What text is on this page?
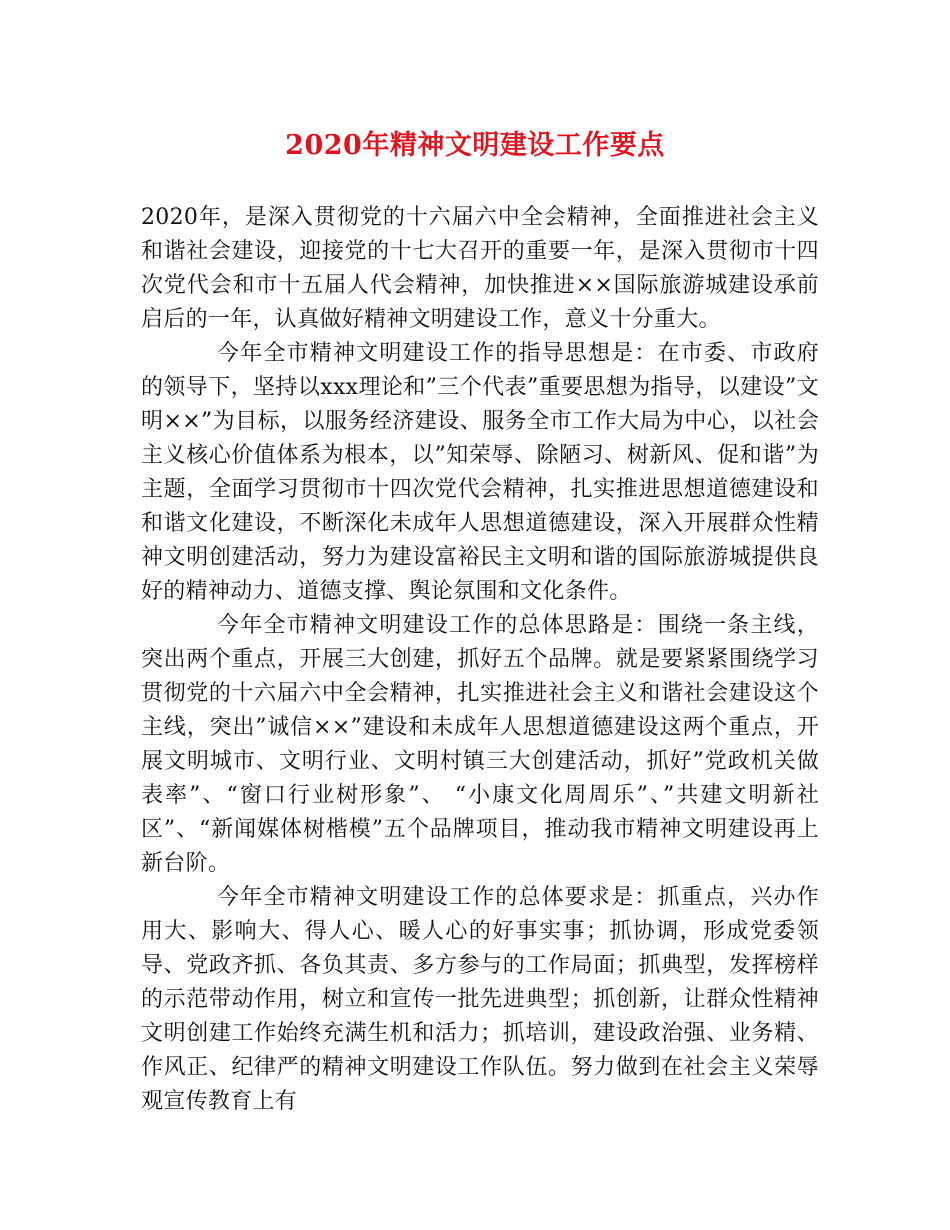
2020年精神文明建设工作要点

2020年，是深入贯彻党的十六届六中全会精神，全面推进社会主义和谐社会建设，迎接党的十七大召开的重要一年，是深入贯彻市十四次党代会和市十五届人代会精神，加快推进××国际旅游城建设承前启后的一年，认真做好精神文明建设工作，意义十分重大。

今年全市精神文明建设工作的指导思想是：在市委、市政府的领导下，坚持以xxx理论和”三个代表”重要思想为指导，以建设”文明××”为目标，以服务经济建设、服务全市工作大局为中心，以社会主义核心价值体系为根本，以”知荣辱、除陋习、树新风、促和谐”为主题，全面学习贯彻市十四次党代会精神，扎实推进思想道德建设和和谐文化建设，不断深化未成年人思想道德建设，深入开展群众性精神文明创建活动，努力为建设富裕民主文明和谐的国际旅游城提供良好的精神动力、道德支撑、舆论氛围和文化条件。

今年全市精神文明建设工作的总体思路是：围绕一条主线，突出两个重点，开展三大创建，抓好五个品牌。就是要紧紧围绕学习贯彻党的十六届六中全会精神，扎实推进社会主义和谐社会建设这个主线，突出”诚信××”建设和未成年人思想道德建设这两个重点，开展文明城市、文明行业、文明村镇三大创建活动，抓好”党政机关做表率”、“窗口行业树形象”、 “小康文化周周乐”、”共建文明新社区”、“新闻媒体树楷模”五个品牌项目，推动我市精神文明建设再上新台阶。

今年全市精神文明建设工作的总体要求是：抓重点，兴办作用大、影响大、得人心、暖人心的好事实事；抓协调，形成党委领导、党政齐抓、各负其责、多方参与的工作局面；抓典型，发挥榜样的示范带动作用，树立和宣传一批先进典型；抓创新，让群众性精神文明创建工作始终充满生机和活力；抓培训，建设政治强、业务精、作风正、纪律严的精神文明建设工作队伍。努力做到在社会主义荣辱观宣传教育上有
